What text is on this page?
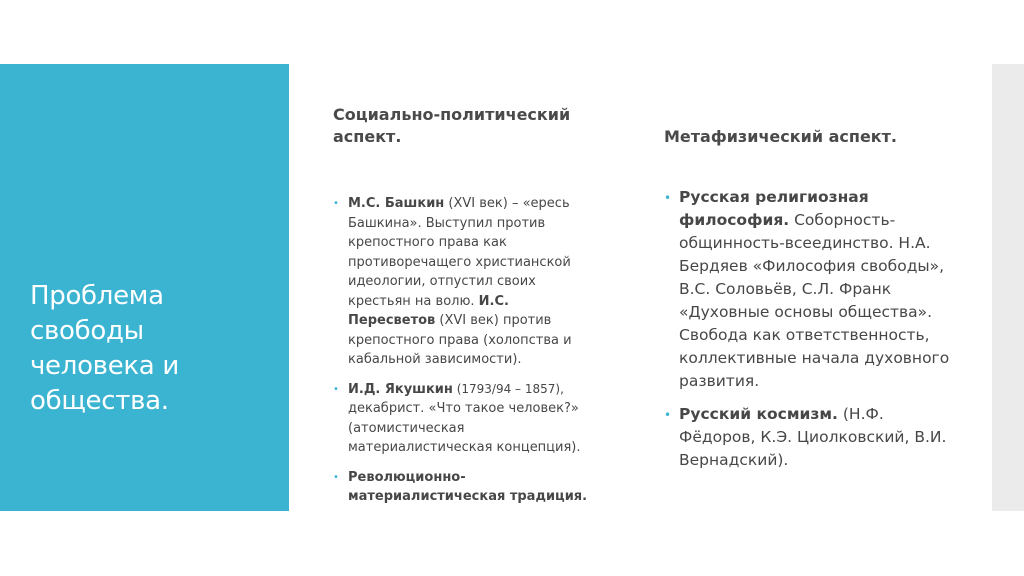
Проблема свободы человека и общества.

Социально-политический аспект.

• М.С. Башкин (XVI век) – «ересь Башкина». Выступил против крепостного права как противоречащего христианской идеологии, отпустил своих крестьян на волю. И.С. Пересветов (XVI век) против крепостного права (холопства и кабальной зависимости).
• И.Д. Якушкин (1793/94 – 1857), декабрист. «Что такое человек?» (атомистическая материалистическая концепция).
• Революционно-материалистическая традиция.

Метафизический аспект.

• Русская религиозная философия. Соборность-общинность-всеединство. Н.А. Бердяев «Философия свободы», В.С. Соловьёв, С.Л. Франк «Духовные основы общества». Свобода как ответственность, коллективные начала духовного развития.
• Русский космизм. (Н.Ф. Фёдоров, К.Э. Циолковский, В.И. Вернадский).
